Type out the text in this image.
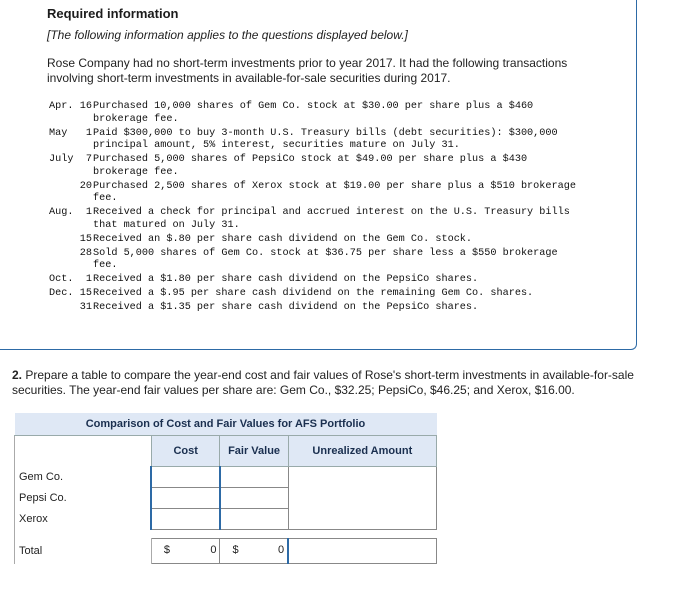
Required information
[The following information applies to the questions displayed below.]
Rose Company had no short-term investments prior to year 2017. It had the following transactions involving short-term investments in available-for-sale securities during 2017.
Apr. 16 Purchased 10,000 shares of Gem Co. stock at $30.00 per share plus a $460
brokerage fee.
May	1 Paid $300,000 to buy 3-month U.S. Treasury bills (debt securities): $300,000
principal amount, 5% interest, securities mature on July 31.
July	7 Purchased 5,000 shares of PepsiCo stock at $49.00 per share plus a $430
brokerage fee.
20 Purchased 2,500 shares of Xerox stock at $19.00 per share plus a $510 brokerage
fee.
Aug.	1 Received a check for principal and accrued interest on the U.S. Treasury bills
that matured on July 31.
15 Received an $.80 per share cash dividend on the Gem Co. stock.
28 Sold 5,000 shares of Gem Co. stock at $36.75 per share less a $550 brokerage
fee.
Oct.	1 Received a $1.80 per share cash dividend on the PepsiCo shares.
Dec. 15 Received a $.95 per share cash dividend on the remaining Gem Co. shares.
31 Received a $1.35 per share cash dividend on the PepsiCo shares.
2. Prepare a table to compare the year-end cost and fair values of Rose's short-term investments in available-for-sale securities. The year-end fair values per share are: Gem Co., $32.25; PepsiCo, $46.25; and Xerox, $16.00.
Comparison of Cost and Fair Values for AFS Portfolio			
	Cost	Fair Value	Unrealized Amount
Gem Co.			
Pepsi Co.			
Xerox			

Total	$ 0	$ 0	
